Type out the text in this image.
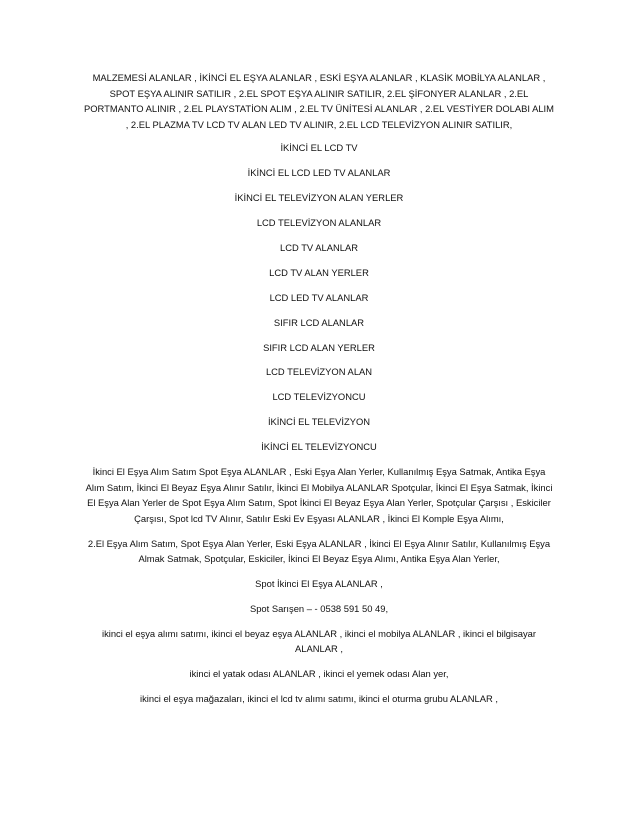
MALZEMESİ ALANLAR , İKİNCİ EL EŞYA ALANLAR , ESKİ EŞYA ALANLAR , KLASİK MOBİLYA ALANLAR , SPOT EŞYA ALINIR SATILIR , 2.EL SPOT EŞYA ALINIR SATILIR, 2.EL ŞİFONYER ALANLAR , 2.EL PORTMANTO ALINIR , 2.EL PLAYSTATİON ALIM , 2.EL TV ÜNİTESİ ALANLAR , 2.EL VESTİYER DOLABI ALIM , 2.EL PLAZMA TV LCD TV ALAN LED TV ALINIR, 2.EL LCD TELEVİZYON ALINIR SATILIR,

İKİNCİ EL LCD TV

İKİNCİ EL LCD LED TV ALANLAR

İKİNCİ EL TELEVİZYON ALAN YERLER

LCD TELEVİZYON ALANLAR

LCD TV ALANLAR

LCD TV ALAN YERLER

LCD LED TV ALANLAR

SIFIR LCD ALANLAR

SIFIR LCD ALAN YERLER

LCD TELEVİZYON ALAN

LCD TELEVİZYONCU

İKİNCİ EL TELEVİZYON

İKİNCİ EL TELEVİZYONCU

İkinci El Eşya Alım Satım Spot Eşya ALANLAR , Eski Eşya Alan Yerler, Kullanılmış Eşya Satmak, Antika Eşya Alım Satım, İkinci El Beyaz Eşya Alınır Satılır, İkinci El Mobilya ALANLAR Spotçular, İkinci El Eşya Satmak, İkinci El Eşya Alan Yerler de Spot Eşya Alım Satım, Spot İkinci El Beyaz Eşya Alan Yerler, Spotçular Çarşısı , Eskiciler Çarşısı, Spot lcd TV Alınır, Satılır Eski Ev Eşyası ALANLAR , İkinci El Komple Eşya Alımı,

2.El Eşya Alım Satım, Spot Eşya Alan Yerler, Eski Eşya ALANLAR , İkinci El Eşya Alınır Satılır, Kullanılmış Eşya Almak Satmak, Spotçular, Eskiciler, İkinci El Beyaz Eşya Alımı, Antika Eşya Alan Yerler,

Spot İkinci El Eşya ALANLAR ,

Spot Sarışen – - 0538 591 50 49,

ikinci el eşya alımı satımı, ikinci el beyaz eşya ALANLAR , ikinci el mobilya ALANLAR , ikinci el bilgisayar ALANLAR ,

ikinci el yatak odası ALANLAR , ikinci el yemek odası Alan yer,

ikinci el eşya mağazaları, ikinci el lcd tv alımı satımı, ikinci el oturma grubu ALANLAR ,
